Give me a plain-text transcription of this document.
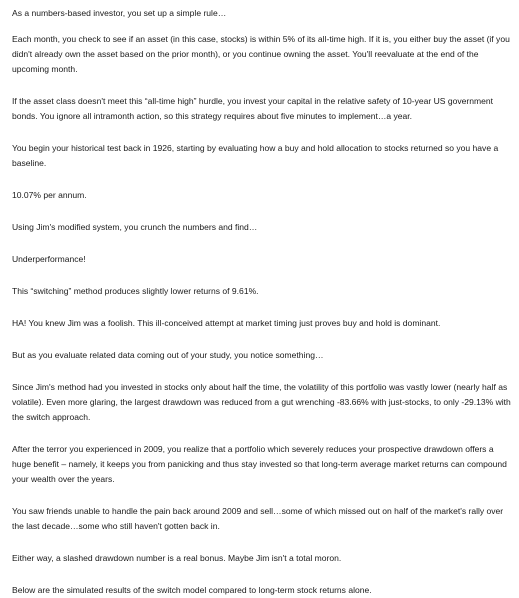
As a numbers-based investor, you set up a simple rule…

Each month, you check to see if an asset (in this case, stocks) is within 5% of its all-time high. If it is, you either buy the asset (if you didn't already own the asset based on the prior month), or you continue owning the asset. You'll reevaluate at the end of the upcoming month.

If the asset class doesn't meet this “all-time high” hurdle, you invest your capital in the relative safety of 10-year US government bonds. You ignore all intramonth action, so this strategy requires about five minutes to implement…a year.

You begin your historical test back in 1926, starting by evaluating how a buy and hold allocation to stocks returned so you have a baseline.

10.07% per annum.

Using Jim's modified system, you crunch the numbers and find…

Underperformance!

This “switching” method produces slightly lower returns of 9.61%.

HA! You knew Jim was a foolish. This ill-conceived attempt at market timing just proves buy and hold is dominant.

But as you evaluate related data coming out of your study, you notice something…

Since Jim's method had you invested in stocks only about half the time, the volatility of this portfolio was vastly lower (nearly half as volatile). Even more glaring, the largest drawdown was reduced from a gut wrenching -83.66% with just-stocks, to only -29.13% with the switch approach.

After the terror you experienced in 2009, you realize that a portfolio which severely reduces your prospective drawdown offers a huge benefit – namely, it keeps you from panicking and thus stay invested so that long-term average market returns can compound your wealth over the years.

You saw friends unable to handle the pain back around 2009 and sell…some of which missed out on half of the market's rally over the last decade…some who still haven't gotten back in.

Either way, a slashed drawdown number is a real bonus. Maybe Jim isn't a total moron.

Below are the simulated results of the switch model compared to long-term stock returns alone.
